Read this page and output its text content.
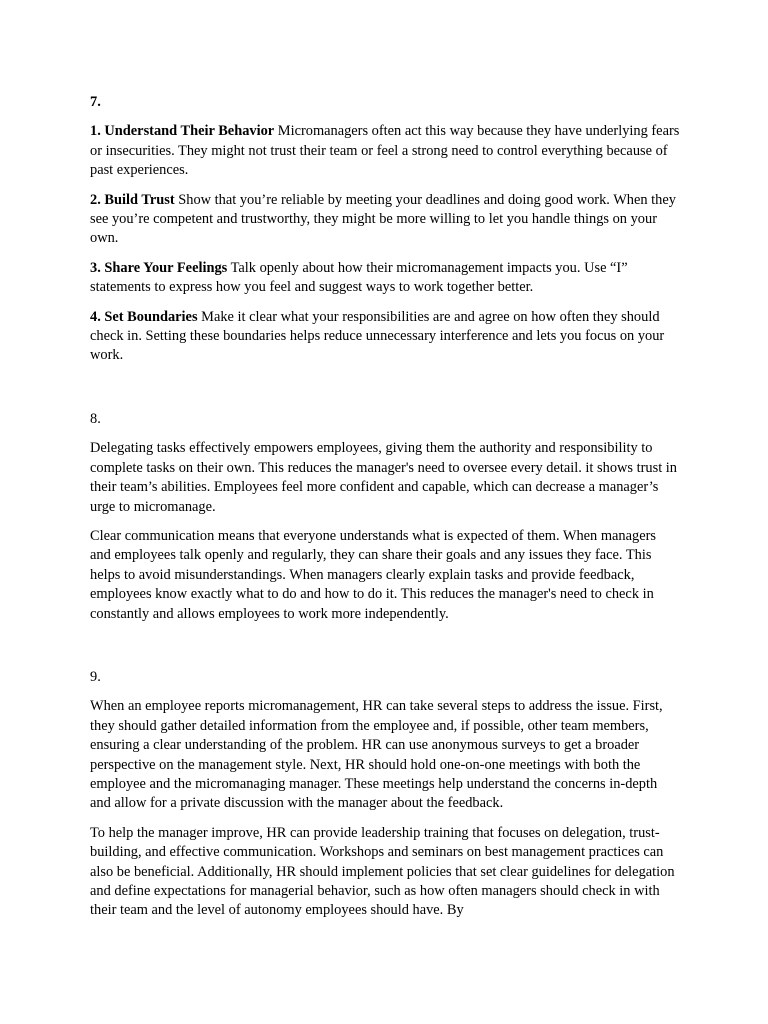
7.

1. Understand Their Behavior Micromanagers often act this way because they have underlying fears or insecurities. They might not trust their team or feel a strong need to control everything because of past experiences.

2. Build Trust Show that you’re reliable by meeting your deadlines and doing good work. When they see you’re competent and trustworthy, they might be more willing to let you handle things on your own.

3. Share Your Feelings Talk openly about how their micromanagement impacts you. Use “I” statements to express how you feel and suggest ways to work together better.

4. Set Boundaries Make it clear what your responsibilities are and agree on how often they should check in. Setting these boundaries helps reduce unnecessary interference and lets you focus on your work.

8.

Delegating tasks effectively empowers employees, giving them the authority and responsibility to complete tasks on their own. This reduces the manager's need to oversee every detail. it shows trust in their team’s abilities. Employees feel more confident and capable, which can decrease a manager’s urge to micromanage.

Clear communication means that everyone understands what is expected of them. When managers and employees talk openly and regularly, they can share their goals and any issues they face. This helps to avoid misunderstandings. When managers clearly explain tasks and provide feedback, employees know exactly what to do and how to do it. This reduces the manager's need to check in constantly and allows employees to work more independently.

9.

When an employee reports micromanagement, HR can take several steps to address the issue. First, they should gather detailed information from the employee and, if possible, other team members, ensuring a clear understanding of the problem. HR can use anonymous surveys to get a broader perspective on the management style. Next, HR should hold one-on-one meetings with both the employee and the micromanaging manager. These meetings help understand the concerns in-depth and allow for a private discussion with the manager about the feedback.

To help the manager improve, HR can provide leadership training that focuses on delegation, trust-building, and effective communication. Workshops and seminars on best management practices can also be beneficial. Additionally, HR should implement policies that set clear guidelines for delegation and define expectations for managerial behavior, such as how often managers should check in with their team and the level of autonomy employees should have. By
